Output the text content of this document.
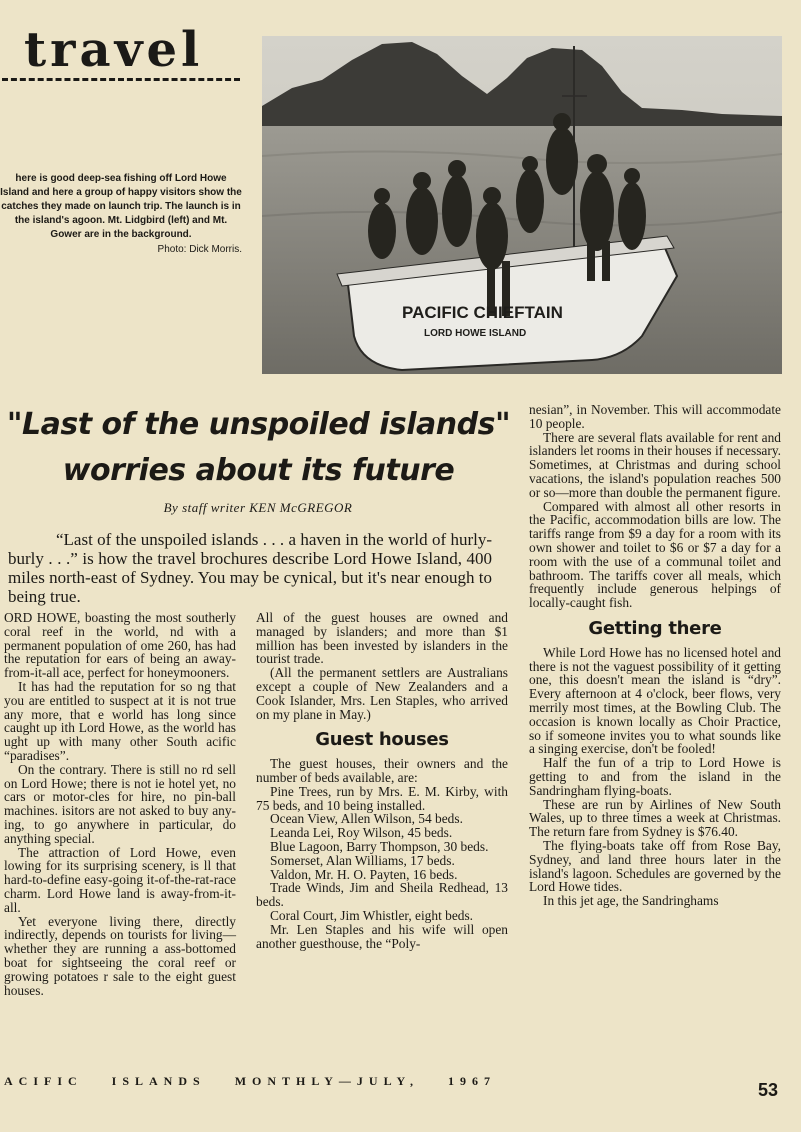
travel
PACIFIC CHIEFTAIN
LORD HOWE ISLAND
here is good deep-sea fishing off Lord Howe Island and here a group of happy visitors show the catches they made on launch trip. The launch is in the island's agoon. Mt. Lidgbird (left) and Mt. Gower are in the background.
Photo: Dick Morris.
"Last of the unspoiled islands" worries about its future
By staff writer KEN McGREGOR

“Last of the unspoiled islands . . . a haven in the world of hurly-burly . . .” is how the travel brochures describe Lord Howe Island, 400 miles north-east of Sydney. You may be cynical, but it's near enough to being true.

ORD HOWE, boasting the most southerly coral reef in the world, nd with a permanent population of ome 260, has had the reputation for ears of being an away-from-it-all ace, perfect for honeymooners.

It has had the reputation for so ng that you are entitled to suspect at it is not true any more, that e world has long since caught up ith Lord Howe, as the world has ught up with many other South acific “paradises”.

On the contrary. There is still no rd sell on Lord Howe; there is not ie hotel yet, no cars or motor-cles for hire, no pin-ball machines. isitors are not asked to buy any-ing, to go anywhere in particular, do anything special.

The attraction of Lord Howe, even lowing for its surprising scenery, is ll that hard-to-define easy-going it-of-the-rat-race charm. Lord Howe land is away-from-it-all.

Yet everyone living there, directly indirectly, depends on tourists for living—whether they are running a ass-bottomed boat for sightseeing the coral reef or growing potatoes r sale to the eight guest houses.

All of the guest houses are owned and managed by islanders; and more than $1 million has been invested by islanders in the tourist trade.

(All the permanent settlers are Australians except a couple of New Zealanders and a Cook Islander, Mrs. Len Staples, who arrived on my plane in May.)

Guest houses

The guest houses, their owners and the number of beds available, are:

Pine Trees, run by Mrs. E. M. Kirby, with 75 beds, and 10 being installed.

Ocean View, Allen Wilson, 54 beds.

Leanda Lei, Roy Wilson, 45 beds.

Blue Lagoon, Barry Thompson, 30 beds.

Somerset, Alan Williams, 17 beds.

Valdon, Mr. H. O. Payten, 16 beds.

Trade Winds, Jim and Sheila Redhead, 13 beds.

Coral Court, Jim Whistler, eight beds.

Mr. Len Staples and his wife will open another guesthouse, the “Poly-

nesian”, in November. This will accommodate 10 people.

There are several flats available for rent and islanders let rooms in their houses if necessary. Sometimes, at Christmas and during school vacations, the island's population reaches 500 or so—more than double the permanent figure.

Compared with almost all other resorts in the Pacific, accommodation bills are low. The tariffs range from $9 a day for a room with its own shower and toilet to $6 or $7 a day for a room with the use of a communal toilet and bathroom. The tariffs cover all meals, which frequently include generous helpings of locally-caught fish.

Getting there

While Lord Howe has no licensed hotel and there is not the vaguest possibility of it getting one, this doesn't mean the island is “dry”. Every afternoon at 4 o'clock, beer flows, very merrily most times, at the Bowling Club. The occasion is known locally as Choir Practice, so if someone invites you to what sounds like a singing exercise, don't be fooled!

Half the fun of a trip to Lord Howe is getting to and from the island in the Sandringham flying-boats.

These are run by Airlines of New South Wales, up to three times a week at Christmas. The return fare from Sydney is $76.40.

The flying-boats take off from Rose Bay, Sydney, and land three hours later in the island's lagoon. Schedules are governed by the Lord Howe tides.

In this jet age, the Sandringhams

ACIFIC ISLANDS MONTHLY—JULY, 1967	53
